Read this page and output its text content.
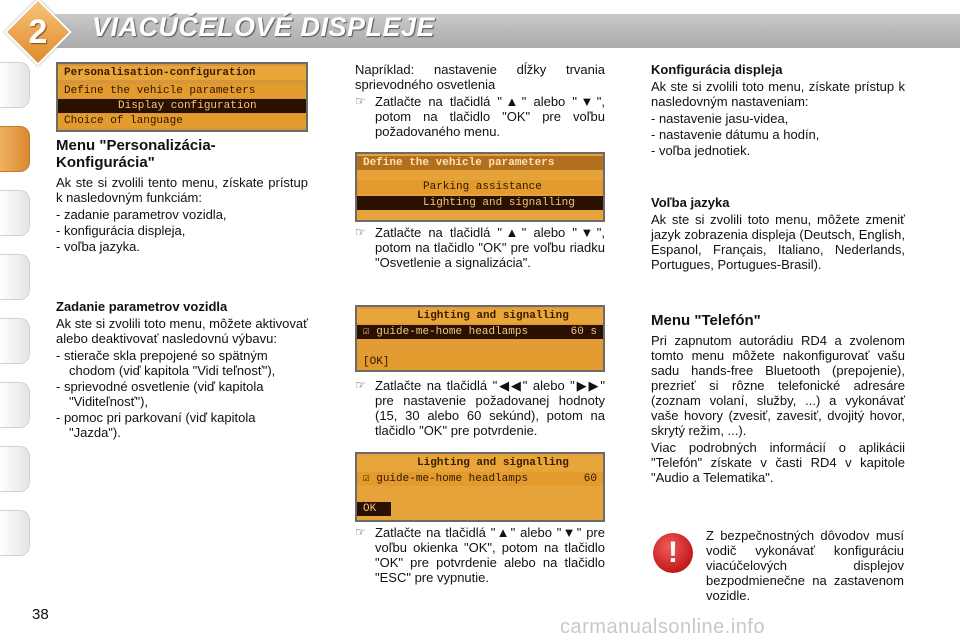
2	VIACÚČELOVÉ DISPLEJE
Personalisation-configuration
Define the vehicle parameters
Display configuration
Choice of language
Define the vehicle parameters
Parking assistance
Lighting and signalling
Lighting and signalling
☑ guide-me-home headlamps	60 s
[OK]
Lighting and signalling
☑ guide-me-home headlamps	60
OK
Menu "Personalizácia-Konfigurácia"

Ak ste si zvolili tento menu, získate prístup k nasledovným funkciám:

- zadanie parametrov vozidla,
- konfigurácia displeja,
- voľba jazyka.
Zadanie parametrov vozidla

Ak ste si zvolili toto menu, môžete aktivovať alebo deaktivovať nasledovnú výbavu:

- stierače skla prepojené so spätným chodom (viď kapitola "Vidi teľnosť"),
- sprievodné osvetlenie (viď kapitola "Viditeľnosť"),
- pomoc pri parkovaní (viď kapitola "Jazda").

Napríklad: nastavenie dĺžky trvania sprievodného osvetlenia

☞ Zatlačte na tlačidlá "▲" alebo "▼", potom na tlačidlo "OK" pre voľbu požadovaného menu.
☞ Zatlačte na tlačidlá "▲" alebo "▼", potom na tlačidlo "OK" pre voľbu riadku "Osvetlenie a signalizácia".
☞ Zatlačte na tlačidlá "◀◀" alebo "▶▶" pre nastavenie požadovanej hodnoty (15, 30 alebo 60 sekúnd), potom na tlačidlo "OK" pre potvrdenie.
☞ Zatlačte na tlačidlá "▲" alebo "▼" pre voľbu okienka "OK", potom na tlačidlo "OK" pre potvrdenie alebo na tlačidlo "ESC" pre vypnutie.
Konfigurácia displeja

Ak ste si zvolili toto menu, získate prístup k nasledovným nastaveniam:

- nastavenie jasu-videa,
- nastavenie dátumu a hodín,
- voľba jednotiek.
Voľba jazyka

Ak ste si zvolili toto menu, môžete zmeniť jazyk zobrazenia displeja (Deutsch, English, Espanol, Français, Italiano, Nederlands, Portugues, Portugues-Brasil).

Menu "Telefón"

Pri zapnutom autorádiu RD4 a zvolenom tomto menu môžete nakonfigurovať vašu sadu hands-free Bluetooth (prepojenie), prezrieť si rôzne telefonické adresáre (zoznam volaní, služby, ...) a vykonávať vaše hovory (zvesiť, zavesiť, dvojitý hovor, skrytý režim, ...).

Viac podrobných informácií o aplikácii "Telefón" získate v časti RD4 v kapitole "Audio a Telematika".

!
Z bezpečnostných dôvodov musí vodič vykonávať konfiguráciu viacúčelových displejov bezpodmienečne na zastavenom vozidle.
38
carmanualsonline.info
